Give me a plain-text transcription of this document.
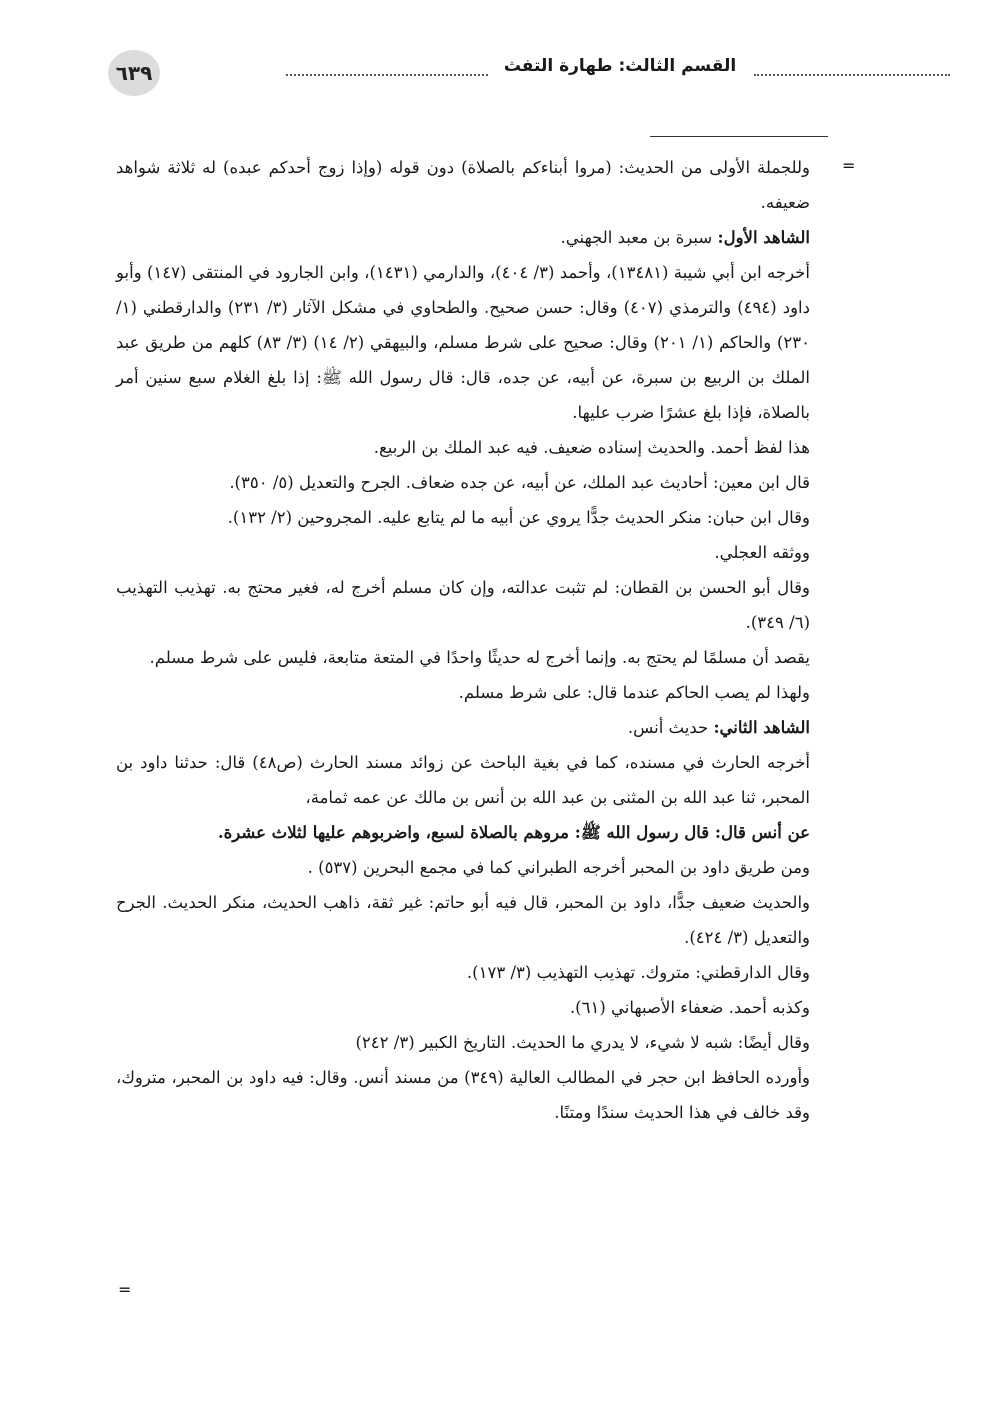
٦٣٩	القسم الثالث: طهارة التفث
=

وللجملة الأولى من الحديث: (مروا أبناءكم بالصلاة) دون قوله (وإذا زوج أحدكم عبده) له ثلاثة شواهد ضعيفه.

الشاهد الأول: سبرة بن معبد الجهني.

أخرجه ابن أبي شيبة (١٣٤٨١)، وأحمد (٣/ ٤٠٤)، والدارمي (١٤٣١)، وابن الجارود في المنتقى (١٤٧) وأبو داود (٤٩٤) والترمذي (٤٠٧) وقال: حسن صحيح. والطحاوي في مشكل الآثار (٣/ ٢٣١) والدارقطني (١/ ٢٣٠) والحاكم (١/ ٢٠١) وقال: صحيح على شرط مسلم، والبيهقي (٢/ ١٤) (٣/ ٨٣) كلهم من طريق عبد الملك بن الربيع بن سبرة، عن أبيه، عن جده، قال: قال رسول الله ﷺ: إذا بلغ الغلام سبع سنين أمر بالصلاة، فإذا بلغ عشرًا ضرب عليها.

هذا لفظ أحمد. والحديث إسناده ضعيف. فيه عبد الملك بن الربيع.

قال ابن معين: أحاديث عبد الملك، عن أبيه، عن جده ضعاف. الجرح والتعديل (٥/ ٣٥٠).

وقال ابن حبان: منكر الحديث جدًّا يروي عن أبيه ما لم يتابع عليه. المجروحين (٢/ ١٣٢).

ووثقه العجلي.

وقال أبو الحسن بن القطان: لم تثبت عدالته، وإن كان مسلم أخرج له، فغير محتج به. تهذيب التهذيب (٦/ ٣٤٩).

يقصد أن مسلمًا لم يحتج به. وإنما أخرج له حديثًا واحدًا في المتعة متابعة، فليس على شرط مسلم.

ولهذا لم يصب الحاكم عندما قال: على شرط مسلم.

الشاهد الثاني: حديث أنس.

أخرجه الحارث في مسنده، كما في بغية الباحث عن زوائد مسند الحارث (ص٤٨) قال: حدثنا داود بن المحبر، ثنا عبد الله بن المثنى بن عبد الله بن أنس بن مالك عن عمه ثمامة،

عن أنس قال: قال رسول الله ﷺ: مروهم بالصلاة لسبع، واضربوهم عليها لثلاث عشرة.

ومن طريق داود بن المحبر أخرجه الطبراني كما في مجمع البحرين (٥٣٧) .

والحديث ضعيف جدًّا، داود بن المحبر، قال فيه أبو حاتم: غير ثقة، ذاهب الحديث، منكر الحديث. الجرح والتعديل (٣/ ٤٢٤).

وقال الدارقطني: متروك. تهذيب التهذيب (٣/ ١٧٣).

وكذبه أحمد. ضعفاء الأصبهاني (٦١).

وقال أيضًا: شبه لا شيء، لا يدري ما الحديث. التاريخ الكبير (٣/ ٢٤٢)

وأورده الحافظ ابن حجر في المطالب العالية (٣٤٩) من مسند أنس. وقال: فيه داود بن المحبر، متروك، وقد خالف في هذا الحديث سندًا ومتنًا.

=
